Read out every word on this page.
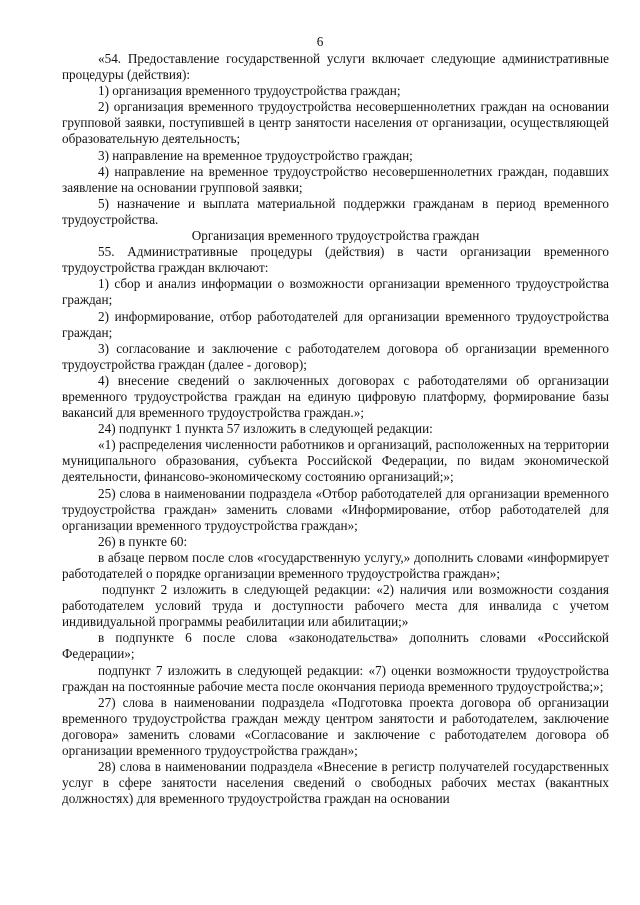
6

«54. Предоставление государственной услуги включает следующие административные процедуры (действия):

1) организация временного трудоустройства граждан;

2) организация временного трудоустройства несовершеннолетних граждан на основании групповой заявки, поступившей в центр занятости населения от организации, осуществляющей образовательную деятельность;

3) направление на временное трудоустройство граждан;

4) направление на временное трудоустройство несовершеннолетних граждан, подавших заявление на основании групповой заявки;

5) назначение и выплата материальной поддержки гражданам в период временного трудоустройства.

Организация временного трудоустройства граждан

55. Административные процедуры (действия) в части организации временного трудоустройства граждан включают:

1) сбор и анализ информации о возможности организации временного трудоустройства граждан;

2) информирование, отбор работодателей для организации временного трудоустройства граждан;

3) согласование и заключение с работодателем договора об организации временного трудоустройства граждан (далее ‑ договор);

4) внесение сведений о заключенных договорах с работодателями об организации временного трудоустройства граждан на единую цифровую платформу, формирование базы вакансий для временного трудоустройства граждан.»;

24) подпункт 1 пункта 57 изложить в следующей редакции:

«1) распределения численности работников и организаций, расположенных на территории муниципального образования, субъекта Российской Федерации, по видам экономической деятельности, финансово-экономическому состоянию организаций;»;

25) слова в наименовании подраздела «Отбор работодателей для организации временного трудоустройства граждан» заменить словами «Информирование, отбор работодателей для организации временного трудоустройства граждан»;

26) в пункте 60:

в абзаце первом после слов «государственную услугу,» дополнить словами «информирует работодателей о порядке организации временного трудоустройства граждан»;

подпункт 2 изложить в следующей редакции: «2) наличия или возможности создания работодателем условий труда и доступности рабочего места для инвалида с учетом индивидуальной программы реабилитации или абилитации;»

в подпункте 6 после слова «законодательства» дополнить словами «Российской Федерации»;

подпункт 7 изложить в следующей редакции: «7) оценки возможности трудоустройства граждан на постоянные рабочие места после окончания периода временного трудоустройства;»;

27) слова в наименовании подраздела «Подготовка проекта договора об организации временного трудоустройства граждан между центром занятости и работодателем, заключение договора» заменить словами «Согласование и заключение с работодателем договора об организации временного трудоустройства граждан»;

28) слова в наименовании подраздела «Внесение в регистр получателей государственных услуг в сфере занятости населения сведений о свободных рабочих местах (вакантных должностях) для временного трудоустройства граждан на основании
